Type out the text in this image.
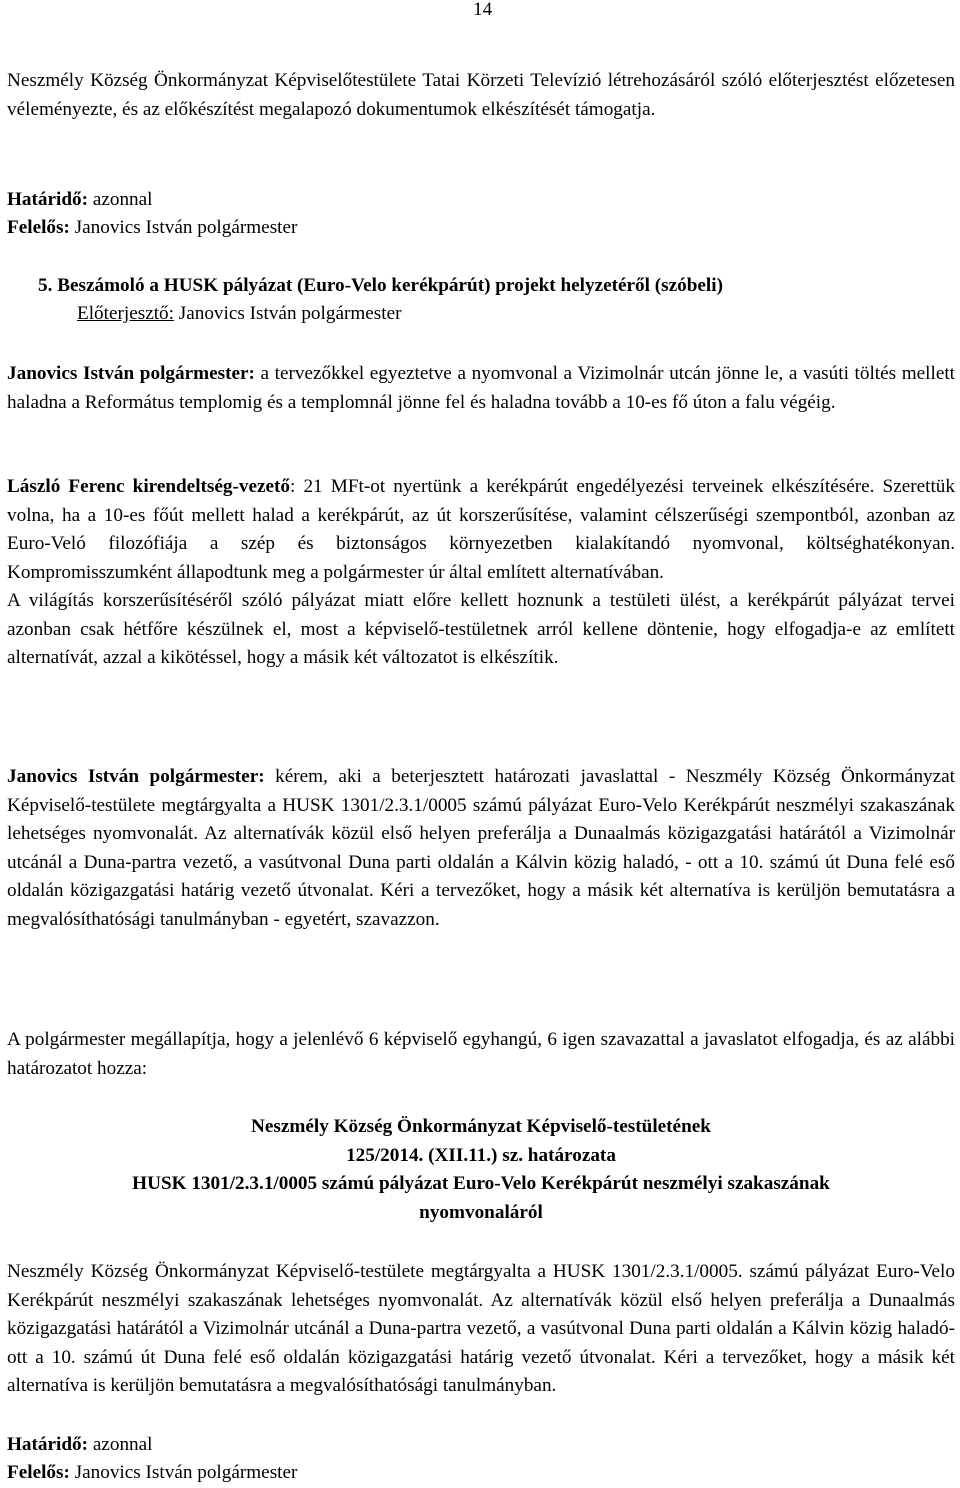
14

Neszmély Község Önkormányzat Képviselőtestülete Tatai Körzeti Televízió létrehozásáról szóló előterjesztést előzetesen véleményezte, és az előkészítést megalapozó dokumentumok elkészítését támogatja.

Határidő: azonnal
Felelős: Janovics István polgármester
5. Beszámoló a HUSK pályázat (Euro-Velo kerékpárút) projekt helyzetéről (szóbeli)
Előterjesztő: Janovics István polgármester

Janovics István polgármester: a tervezőkkel egyeztetve a nyomvonal a Vizimolnár utcán jönne le, a vasúti töltés mellett haladna a Református templomig és a templomnál jönne fel és haladna tovább a 10-es fő úton a falu végéig.

László Ferenc kirendeltség-vezető: 21 MFt-ot nyertünk a kerékpárút engedélyezési terveinek elkészítésére. Szerettük volna, ha a 10-es főút mellett halad a kerékpárút, az út korszerűsítése, valamint célszerűségi szempontból, azonban az Euro-Veló filozófiája a szép és biztonságos környezetben kialakítandó nyomvonal, költséghatékonyan. Kompromisszumként állapodtunk meg a polgármester úr által említett alternatívában.

A világítás korszerűsítéséről szóló pályázat miatt előre kellett hoznunk a testületi ülést, a kerékpárút pályázat tervei azonban csak hétfőre készülnek el, most a képviselő-testületnek arról kellene döntenie, hogy elfogadja-e az említett alternatívát, azzal a kikötéssel, hogy a másik két változatot is elkészítik.

Janovics István polgármester: kérem, aki a beterjesztett határozati javaslattal - Neszmély Község Önkormányzat Képviselő-testülete megtárgyalta a HUSK 1301/2.3.1/0005 számú pályázat Euro-Velo Kerékpárút neszmélyi szakaszának lehetséges nyomvonalát. Az alternatívák közül első helyen preferálja a Dunaalmás közigazgatási határától a Vizimolnár utcánál a Duna-partra vezető, a vasútvonal Duna parti oldalán a Kálvin közig haladó, - ott a 10. számú út Duna felé eső oldalán közigazgatási határig vezető útvonalat. Kéri a tervezőket, hogy a másik két alternatíva is kerüljön bemutatásra a megvalósíthatósági tanulmányban - egyetért, szavazzon.

A polgármester megállapítja, hogy a jelenlévő 6 képviselő egyhangú, 6 igen szavazattal a javaslatot elfogadja, és az alábbi határozatot hozza:

Neszmély Község Önkormányzat Képviselő-testületének
125/2014. (XII.11.) sz. határozata
HUSK 1301/2.3.1/0005 számú pályázat Euro-Velo Kerékpárút neszmélyi szakaszának
nyomvonaláról

Neszmély Község Önkormányzat Képviselő-testülete megtárgyalta a HUSK 1301/2.3.1/0005. számú pályázat Euro-Velo Kerékpárút neszmélyi szakaszának lehetséges nyomvonalát. Az alternatívák közül első helyen preferálja a Dunaalmás közigazgatási határától a Vizimolnár utcánál a Duna-partra vezető, a vasútvonal Duna parti oldalán a Kálvin közig haladó- ott a 10. számú út Duna felé eső oldalán közigazgatási határig vezető útvonalat. Kéri a tervezőket, hogy a másik két alternatíva is kerüljön bemutatásra a megvalósíthatósági tanulmányban.

Határidő: azonnal
Felelős: Janovics István polgármester
